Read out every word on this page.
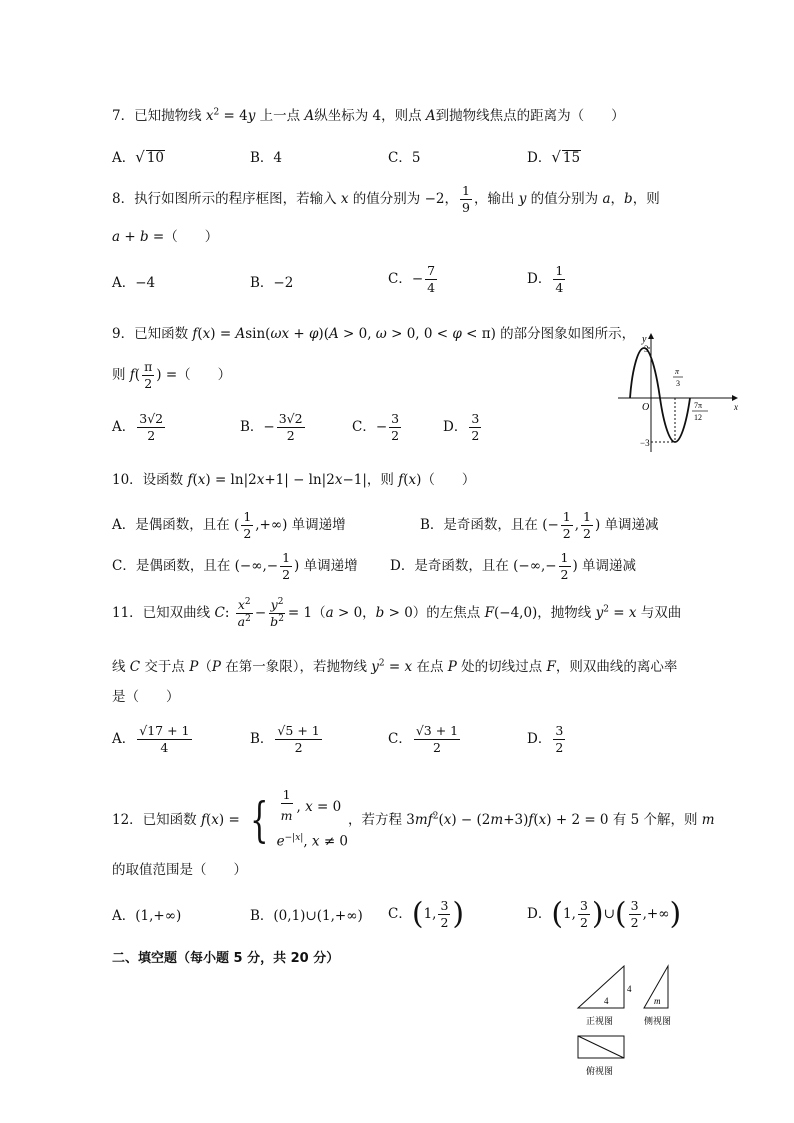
7．已知抛物线 $x^2 = 4y$ 上一点 A纵坐标为 4，则点 A到抛物线焦点的距离为（　　）
A．√ 10	B．4	C．5	D．√ 15
8．执行如图所示的程序框图，若输入 x 的值分别为 −2， $\frac{1}{9}$ ，输出 y 的值分别为 a，b，则
a + b =（　　）
A．−4	B．−2	C．− $\frac{7}{4}$	D． $\frac{1}{4}$
9．已知函数 f(x) = Asin(ωx + φ)(A > 0, ω > 0, 0 < φ < π) 的部分图象如图所示，
则 $f( \frac{\pi}{2}$ ) =（　　）
A． $\frac{3√2}{2}$	B．− $\frac{3√2}{2}$	C．− $\frac{3}{2}$	D． $\frac{3}{2}$
y
x
O
3
−3
π
3
7π
12
10．设函数 f(x) = ln|2x+1| − ln|2x−1|，则 f(x)（　　）
A．是偶函数，且在 ( $\frac{1}{2}$ ,+∞) 单调递增	B．是奇函数，且在 (− $\frac{1}{2}$ , $\frac{1}{2}$ ) 单调递减
C．是偶函数，且在 (−∞,− $\frac{1}{2}$ ) 单调递增 D．是奇函数，且在 (−∞,− $\frac{1}{2}$ ) 单调递减
11．已知双曲线 C: $\frac{x^2}{a^2} - \frac{y^2}{b^2} = 1(a > 0$，b > 0）的左焦点 F(−4,0)，抛物线 $y^2 = x$ 与双曲
线 C 交于点 P（P 在第一象限），若抛物线 $y^2 = x$ 在点 P 处的切线过点 F，则双曲线的离心率
是（　　）
A． $\frac{√17 + 1}{4}$	B． $\frac{√5 + 1}{2}$	C． $\frac{√3 + 1}{2}$	D． $\frac{3}{2}$
12．已知函数 f(x) = { $\frac{1}{m}$ , x = 0
$e^{-|x|}$, x ≠ 0
，若方程 $3mf^2(x) - (2m+3)f(x) + 2 = 0$ 有 5 个解，则 m
的取值范围是（　　）
A．(1,+∞)	B．(0,1)∪(1,+∞) C．(1, $\frac{3}{2}$ )	D．(1, $\frac{3}{2}$ )∪( $\frac{3}{2}$ ,+∞)
二、填空题（每小题 5 分，共 20 分）
4
4
正视图
m
侧视图
俯视图
